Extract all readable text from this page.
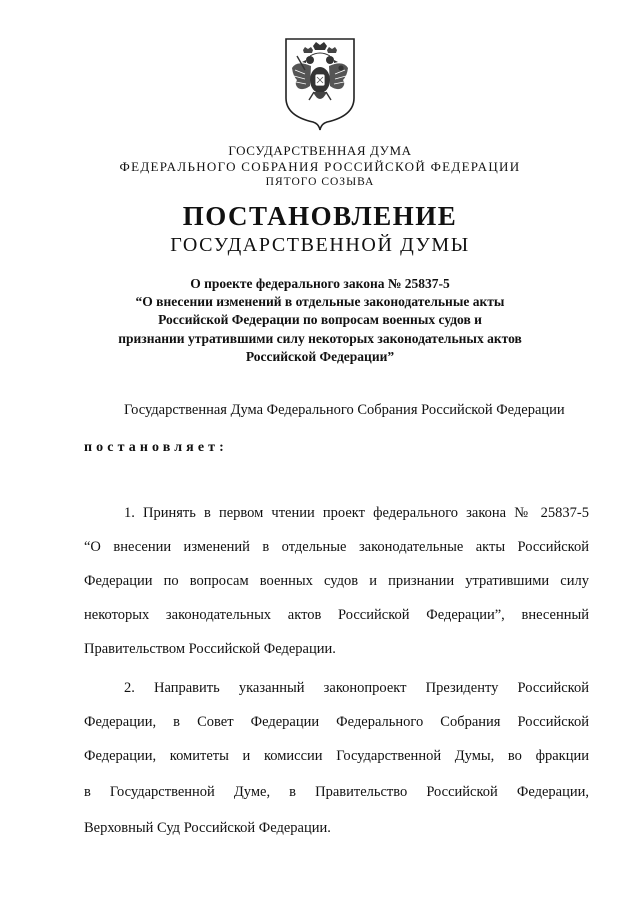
ГОСУДАРСТВЕННАЯ ДУМА
ФЕДЕРАЛЬНОГО СОБРАНИЯ РОССИЙСКОЙ ФЕДЕРАЦИИ
ПЯТОГО СОЗЫВА
ПОСТАНОВЛЕНИЕ
ГОСУДАРСТВЕННОЙ ДУМЫ
О проекте федерального закона № 25837-5
“О внесении изменений в отдельные законодательные акты
Российской Федерации по вопросам военных судов и
признании утратившими силу некоторых законодательных актов
Российской Федерации”
Государственная Дума Федерального Собрания Российской Федерации
постановляет:
1. Принять в первом чтении проект федерального закона № 25837-5
“О внесении изменений в отдельные законодательные акты Российской
Федерации по вопросам военных судов и признании утратившими силу
некоторых законодательных актов Российской Федерации”, внесенный
Правительством Российской Федерации.
2. Направить указанный законопроект Президенту Российской
Федерации, в Совет Федерации Федерального Собрания Российской
Федерации, комитеты и комиссии Государственной Думы, во фракции
в Государственной Думе, в Правительство Российской Федерации,
Верховный Суд Российской Федерации.
